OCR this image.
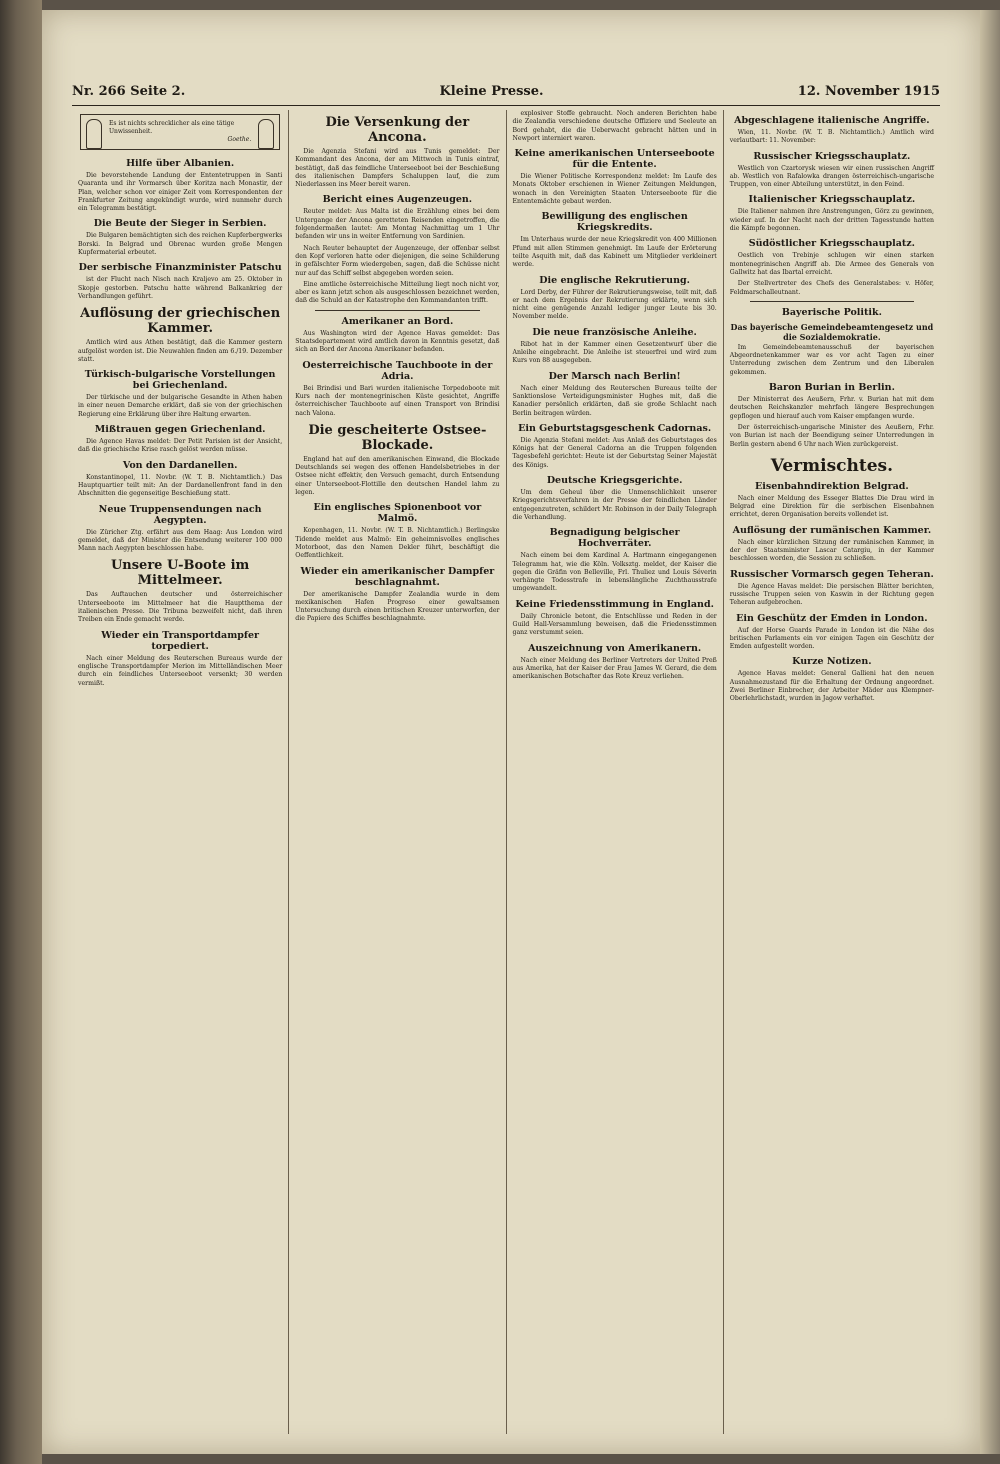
Nr. 266 Seite 2.	Kleine Presse.	12. November 1915
Es ist nichts schrecklicher als eine tätige
Unwissenheit.
Goethe.
Hilfe über Albanien.

Die bevorstehende Landung der Ententetruppen in Santi Quaranta und ihr Vormarsch über Koritza nach Monastir, der Plan, welcher schon vor einiger Zeit vom Korrespondenten der Frankfurter Zeitung angekündigt wurde, wird nunmehr durch ein Telegramm bestätigt.

Die Beute der Sieger in Serbien.

Die Bulgaren bemächtigten sich des reichen Kupferbergwerks Borski. In Belgrad und Obrenac wurden große Mengen Kupfermaterial erbeutet.

Der serbische Finanzminister Patschu

ist der Flucht nach Nisch nach Kraljevo am 25. Oktober in Skopje gestorben. Patschu hatte während Balkankrieg der Verhandlungen geführt.

Auflösung der griechischen Kammer.

Amtlich wird aus Athen bestätigt, daß die Kammer gestern aufgelöst worden ist. Die Neuwahlen finden am 6./19. Dezember statt.

Türkisch-bulgarische Vorstellungen bei Griechenland.

Der türkische und der bulgarische Gesandte in Athen haben in einer neuen Demarche erklärt, daß sie von der griechischen Regierung eine Erklärung über ihre Haltung erwarten.

Mißtrauen gegen Griechenland.

Die Agence Havas meldet: Der Petit Parisien ist der Ansicht, daß die griechische Krise rasch gelöst werden müsse.

Von den Dardanellen.

Konstantinopel, 11. Novbr. (W. T. B. Nichtamtlich.) Das Hauptquartier teilt mit: An der Dardanellenfront fand in den Abschnitten die gegenseitige Beschießung statt.

Neue Truppensendungen nach Aegypten.

Die Züricher Ztg. erfährt aus dem Haag: Aus London wird gemeldet, daß der Minister die Entsendung weiterer 100 000 Mann nach Aegypten beschlossen habe.

Unsere U-Boote im Mittelmeer.

Das Auftauchen deutscher und österreichischer Unterseeboote im Mittelmeer hat die Hauptthema der italienischen Presse. Die Tribuna bezweifelt nicht, daß ihren Treiben ein Ende gemacht werde.

Wieder ein Transportdampfer torpediert.

Nach einer Meldung des Reuterschen Bureaus wurde der englische Transportdampfer Merion im Mittelländischen Meer durch ein feindliches Unterseeboot versenkt; 30 werden vermißt.

Die Versenkung der Ancona.

Die Agenzia Stefani wird aus Tunis gemeldet: Der Kommandant des Ancona, der am Mittwoch in Tunis eintraf, bestätigt, daß das feindliche Unterseeboot bei der Beschießung des italienischen Dampfers Schaluppen lauf, die zum Niederlassen ins Meer bereit waren.

Bericht eines Augenzeugen.

Reuter meldet: Aus Malta ist die Erzählung eines bei dem Untergange der Ancona geretteten Reisenden eingetroffen, die folgendermaßen lautet: Am Montag Nachmittag um 1 Uhr befanden wir uns in weiter Entfernung von Sardinien.

Nach Reuter behauptet der Augenzeuge, der offenbar selbst den Kopf verloren hatte oder diejenigen, die seine Schilderung in gefälschter Form wiedergeben, sagen, daß die Schüsse nicht nur auf das Schiff selbst abgegeben worden seien.

Eine amtliche österreichische Mitteilung liegt noch nicht vor, aber es kann jetzt schon als ausgeschlossen bezeichnet werden, daß die Schuld an der Katastrophe den Kommandanten trifft.

Amerikaner an Bord.

Aus Washington wird der Agence Havas gemeldet: Das Staatsdepartement wird amtlich davon in Kenntnis gesetzt, daß sich an Bord der Ancona Amerikaner befanden.

Oesterreichische Tauchboote in der Adria.

Bei Brindisi und Bari wurden italienische Torpedoboote mit Kurs nach der montenegrinischen Küste gesichtet, Angriffe österreichischer Tauchboote auf einen Transport von Brindisi nach Valona.

Die gescheiterte Ostsee-Blockade.

England hat auf den amerikanischen Einwand, die Blockade Deutschlands sei wegen des offenen Handelsbetriebes in der Ostsee nicht effektiv, den Versuch gemacht, durch Entsendung einer Unterseeboot-Flottille den deutschen Handel lahm zu legen.

Ein englisches Spionenboot vor Malmö.

Kopenhagen, 11. Novbr. (W. T. B. Nichtamtlich.) Berlingske Tidende meldet aus Malmö: Ein geheimnisvolles englisches Motorboot, das den Namen Dekler führt, beschäftigt die Oeffentlichkeit.

Wieder ein amerikanischer Dampfer beschlagnahmt.

Der amerikanische Dampfer Zealandia wurde in dem mexikanischen Hafen Progreso einer gewaltsamen Untersuchung durch einen britischen Kreuzer unterworfen, der die Papiere des Schiffes beschlagnahmte.

explosiver Stoffe gebraucht. Noch anderen Berichten habe die Zealandia verschiedene deutsche Offiziere und Seeleute an Bord gehabt, die die Ueberwacht gebracht hätten und in Newport interniert waren.

Keine amerikanischen Unterseeboote für die Entente.

Die Wiener Politische Korrespondenz meldet: Im Laufe des Monats Oktober erschienen in Wiener Zeitungen Meldungen, wonach in den Vereinigten Staaten Unterseeboote für die Ententemächte gebaut werden.

Bewilligung des englischen Kriegskredits.

Im Unterhaus wurde der neue Kriegskredit von 400 Millionen Pfund mit allen Stimmen genehmigt. Im Laufe der Erörterung teilte Asquith mit, daß das Kabinett um Mitglieder verkleinert werde.

Die englische Rekrutierung.

Lord Derby, der Führer der Rekrutierungsweise, teilt mit, daß er nach dem Ergebnis der Rekrutierung erklärte, wenn sich nicht eine genügende Anzahl lediger junger Leute bis 30. November melde.

Die neue französische Anleihe.

Ribot hat in der Kammer einen Gesetzentwurf über die Anleihe eingebracht. Die Anleihe ist steuerfrei und wird zum Kurs von 88 ausgegeben.

Der Marsch nach Berlin!

Nach einer Meldung des Reuterschen Bureaus teilte der Sanktionslose Verteidigungsminister Hughes mit, daß die Kanadier persönlich erklärten, daß sie große Schlacht nach Berlin beitragen würden.

Ein Geburtstagsgeschenk Cadornas.

Die Agenzia Stefani meldet: Aus Anlaß des Geburtstages des Königs hat der General Cadorna an die Truppen folgenden Tagesbefehl gerichtet: Heute ist der Geburtstag Seiner Majestät des Königs.

Deutsche Kriegsgerichte.

Um dem Geheul über die Unmenschlichkeit unserer Kriegsgerichtsverfahren in der Presse der feindlichen Länder entgegenzutreten, schildert Mr. Robinson in der Daily Telegraph die Verhandlung.

Begnadigung belgischer Hochverräter.

Nach einem bei dem Kardinal A. Hartmann eingegangenen Telegramm hat, wie die Köln. Volksztg. meldet, der Kaiser die gegen die Gräfin von Belleville, Frl. Thuliez und Louis Séverin verhängte Todesstrafe in lebenslängliche Zuchthausstrafe umgewandelt.

Keine Friedensstimmung in England.

Daily Chronicle betont, die Entschlüsse und Reden in der Guild Hall-Versammlung beweisen, daß die Friedensstimmen ganz verstummt seien.

Auszeichnung von Amerikanern.

Nach einer Meldung des Berliner Vertreters der United Preß aus Amerika, hat der Kaiser der Frau James W. Gerard, die dem amerikanischen Botschafter das Rote Kreuz verliehen.

Abgeschlagene italienische Angriffe.

Wien, 11. Novbr. (W. T. B. Nichtamtlich.) Amtlich wird verlautbart: 11. November:

Russischer Kriegsschauplatz.

Westlich von Czartorysk wiesen wir einen russischen Angriff ab. Westlich von Rafalowka drangen österreichisch-ungarische Truppen, von einer Abteilung unterstützt, in den Feind.

Italienischer Kriegsschauplatz.

Die Italiener nahmen ihre Anstrengungen, Görz zu gewinnen, wieder auf. In der Nacht nach der dritten Tagesstunde hatten die Kämpfe begonnen.

Südöstlicher Kriegsschauplatz.

Oestlich von Trebinje schlugen wir einen starken montenegrinischen Angriff ab. Die Armee des Generals von Gallwitz hat das Ibartal erreicht.

Der Stellvertreter des Chefs des Generalstabes: v. Höfer, Feldmarschalleutnant.

Bayerische Politik.
Das bayerische Gemeindebeamtengesetz und die Sozialdemokratie.

Im Gemeindebeamtenausschuß der bayerischen Abgeordnetenkammer war es vor acht Tagen zu einer Unterredung zwischen dem Zentrum und den Liberalen gekommen.

Baron Burian in Berlin.

Der Ministerrat des Aeußern, Frhr. v. Burian hat mit dem deutschen Reichskanzler mehrfach längere Besprechungen gepflogen und hierauf auch vom Kaiser empfangen wurde.

Der österreichisch-ungarische Minister des Aeußern, Frhr. von Burian ist nach der Beendigung seiner Unterredungen in Berlin gestern abend 6 Uhr nach Wien zurückgereist.

Vermischtes.
Eisenbahndirektion Belgrad.

Nach einer Meldung des Esseger Blattes Die Drau wird in Belgrad eine Direktion für die serbischen Eisenbahnen errichtet, deren Organisation bereits vollendet ist.

Auflösung der rumänischen Kammer.

Nach einer kürzlichen Sitzung der rumänischen Kammer, in der der Staatsminister Lascar Catargiu, in der Kammer beschlossen worden, die Session zu schließen.

Russischer Vormarsch gegen Teheran.

Die Agence Havas meldet: Die persischen Blätter berichten, russische Truppen seien von Kaswin in der Richtung gegen Teheran aufgebrochen.

Ein Geschütz der Emden in London.

Auf der Horse Guards Parade in London ist die Nähe des britischen Parlaments ein vor einigen Tagen ein Geschütz der Emden aufgestellt worden.

Kurze Notizen.

Agence Havas meldet: General Gallieni hat den neuen Ausnahmezustand für die Erhaltung der Ordnung angeordnet. Zwei Berliner Einbrecher, der Arbeiter Mäder aus Klempner-Oberlehrlichstadt, wurden in Jagow verhaftet.
